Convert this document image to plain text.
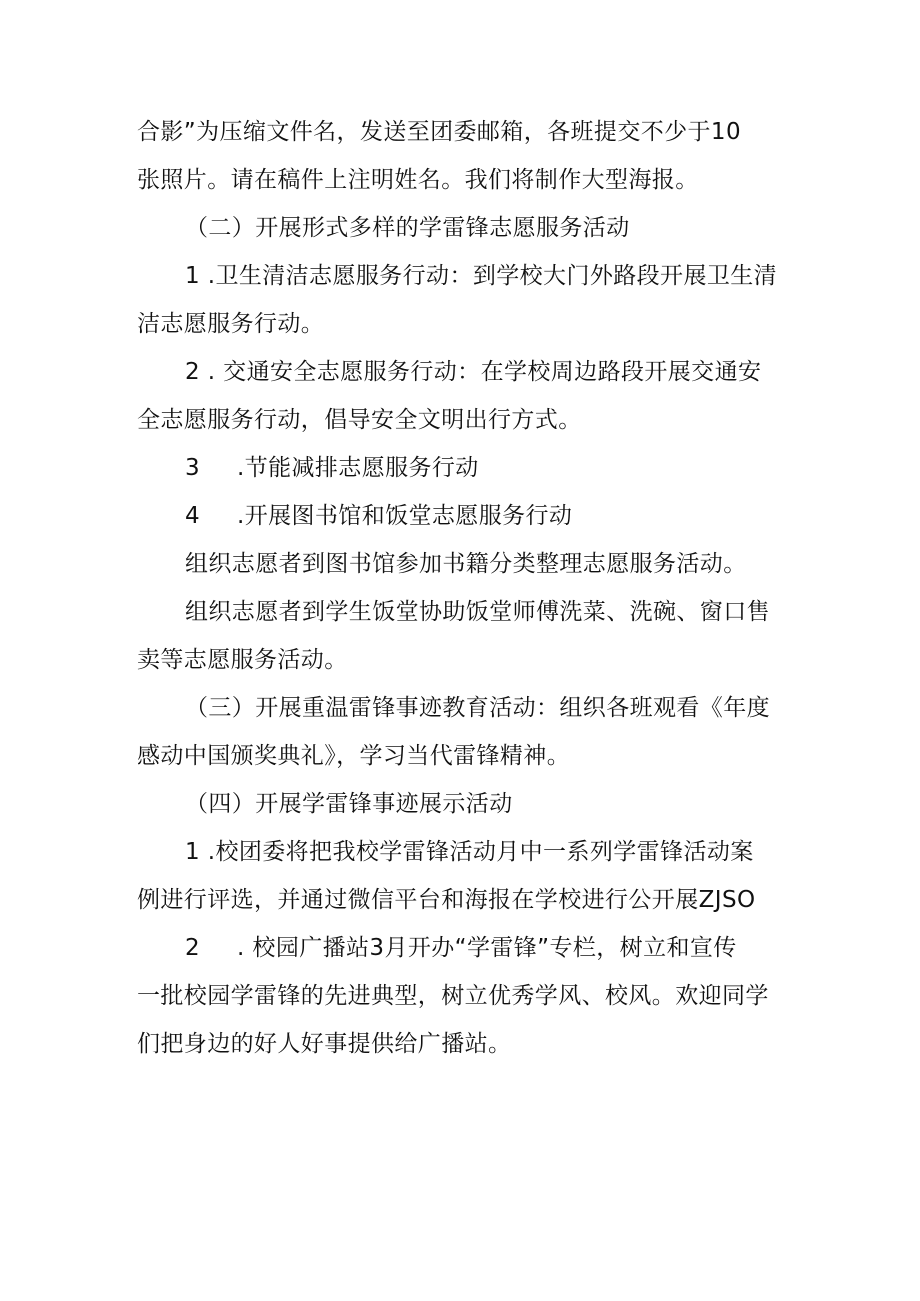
合影”为压缩文件名，发送至团委邮箱，各班提交不少于10
张照片。请在稿件上注明姓名。我们将制作大型海报。

（二）开展形式多样的学雷锋志愿服务活动

1 .卫生清洁志愿服务行动：到学校大门外路段开展卫生清
洁志愿服务行动。

2 . 交通安全志愿服务行动：在学校周边路段开展交通安
全志愿服务行动，倡导安全文明出行方式。

3 .节能减排志愿服务行动

4 .开展图书馆和饭堂志愿服务行动

组织志愿者到图书馆参加书籍分类整理志愿服务活动。

组织志愿者到学生饭堂协助饭堂师傅洗菜、洗碗、窗口售
卖等志愿服务活动。

（三）开展重温雷锋事迹教育活动：组织各班观看《年度
感动中国颁奖典礼》，学习当代雷锋精神。

（四）开展学雷锋事迹展示活动

1 .校团委将把我校学雷锋活动月中一系列学雷锋活动案
例进行评选，并通过微信平台和海报在学校进行公开展ZJSO

2 . 校园广播站3月开办“学雷锋”专栏，树立和宣传
一批校园学雷锋的先进典型，树立优秀学风、校风。欢迎同学
们把身边的好人好事提供给广播站。
